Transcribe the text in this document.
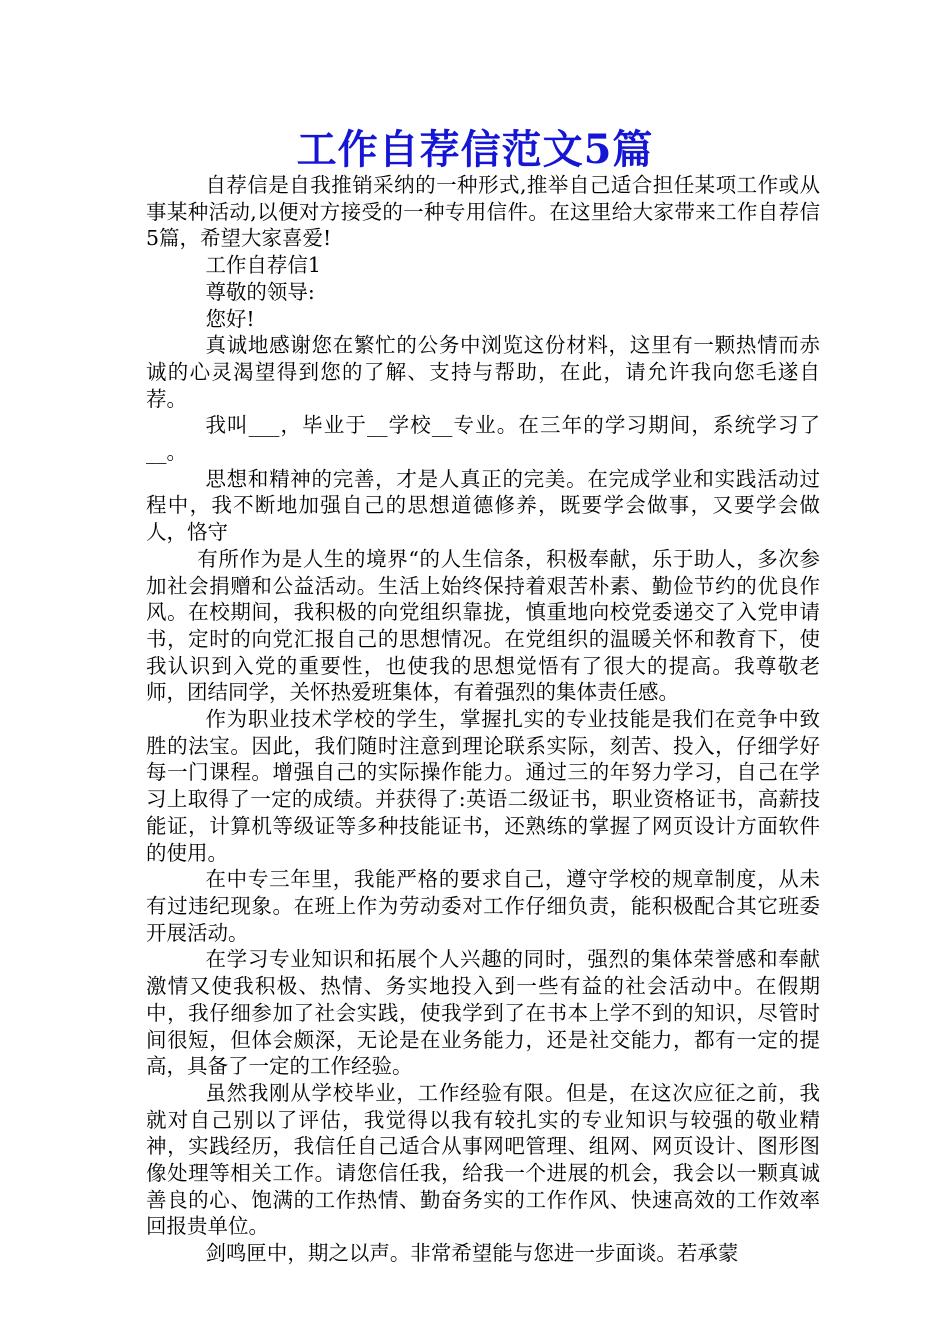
工作自荐信范文5篇

自荐信是自我推销采纳的一种形式,推举自己适合担任某项工作或从事某种活动,以便对方接受的一种专用信件。在这里给大家带来工作自荐信5篇，希望大家喜爱!

工作自荐信1

尊敬的领导:

您好!

真诚地感谢您在繁忙的公务中浏览这份材料，这里有一颗热情而赤诚的心灵渴望得到您的了解、支持与帮助，在此，请允许我向您毛遂自荐。

我叫___，毕业于__学校__专业。在三年的学习期间，系统学习了__。

思想和精神的完善，才是人真正的完美。在完成学业和实践活动过程中，我不断地加强自己的思想道德修养，既要学会做事，又要学会做人，恪守

有所作为是人生的境界“的人生信条，积极奉献，乐于助人，多次参加社会捐赠和公益活动。生活上始终保持着艰苦朴素、勤俭节约的优良作风。在校期间，我积极的向党组织靠拢，慎重地向校党委递交了入党申请书，定时的向党汇报自己的思想情况。在党组织的温暖关怀和教育下，使我认识到入党的重要性，也使我的思想觉悟有了很大的提高。我尊敬老师，团结同学，关怀热爱班集体，有着强烈的集体责任感。

作为职业技术学校的学生，掌握扎实的专业技能是我们在竞争中致胜的法宝。因此，我们随时注意到理论联系实际，刻苦、投入，仔细学好每一门课程。增强自己的实际操作能力。通过三的年努力学习，自己在学习上取得了一定的成绩。并获得了:英语二级证书，职业资格证书，高薪技能证，计算机等级证等多种技能证书，还熟练的掌握了网页设计方面软件的使用。

在中专三年里，我能严格的要求自己，遵守学校的规章制度，从未有过违纪现象。在班上作为劳动委对工作仔细负责，能积极配合其它班委开展活动。

在学习专业知识和拓展个人兴趣的同时，强烈的集体荣誉感和奉献激情又使我积极、热情、务实地投入到一些有益的社会活动中。在假期中，我仔细参加了社会实践，使我学到了在书本上学不到的知识，尽管时间很短，但体会颇深，无论是在业务能力，还是社交能力，都有一定的提高，具备了一定的工作经验。

虽然我刚从学校毕业，工作经验有限。但是，在这次应征之前，我就对自己别以了评估，我觉得以我有较扎实的专业知识与较强的敬业精神，实践经历，我信任自己适合从事网吧管理、组网、网页设计、图形图像处理等相关工作。请您信任我，给我一个进展的机会，我会以一颗真诚善良的心、饱满的工作热情、勤奋务实的工作作风、快速高效的工作效率回报贵单位。

剑鸣匣中，期之以声。非常希望能与您进一步面谈。若承蒙
